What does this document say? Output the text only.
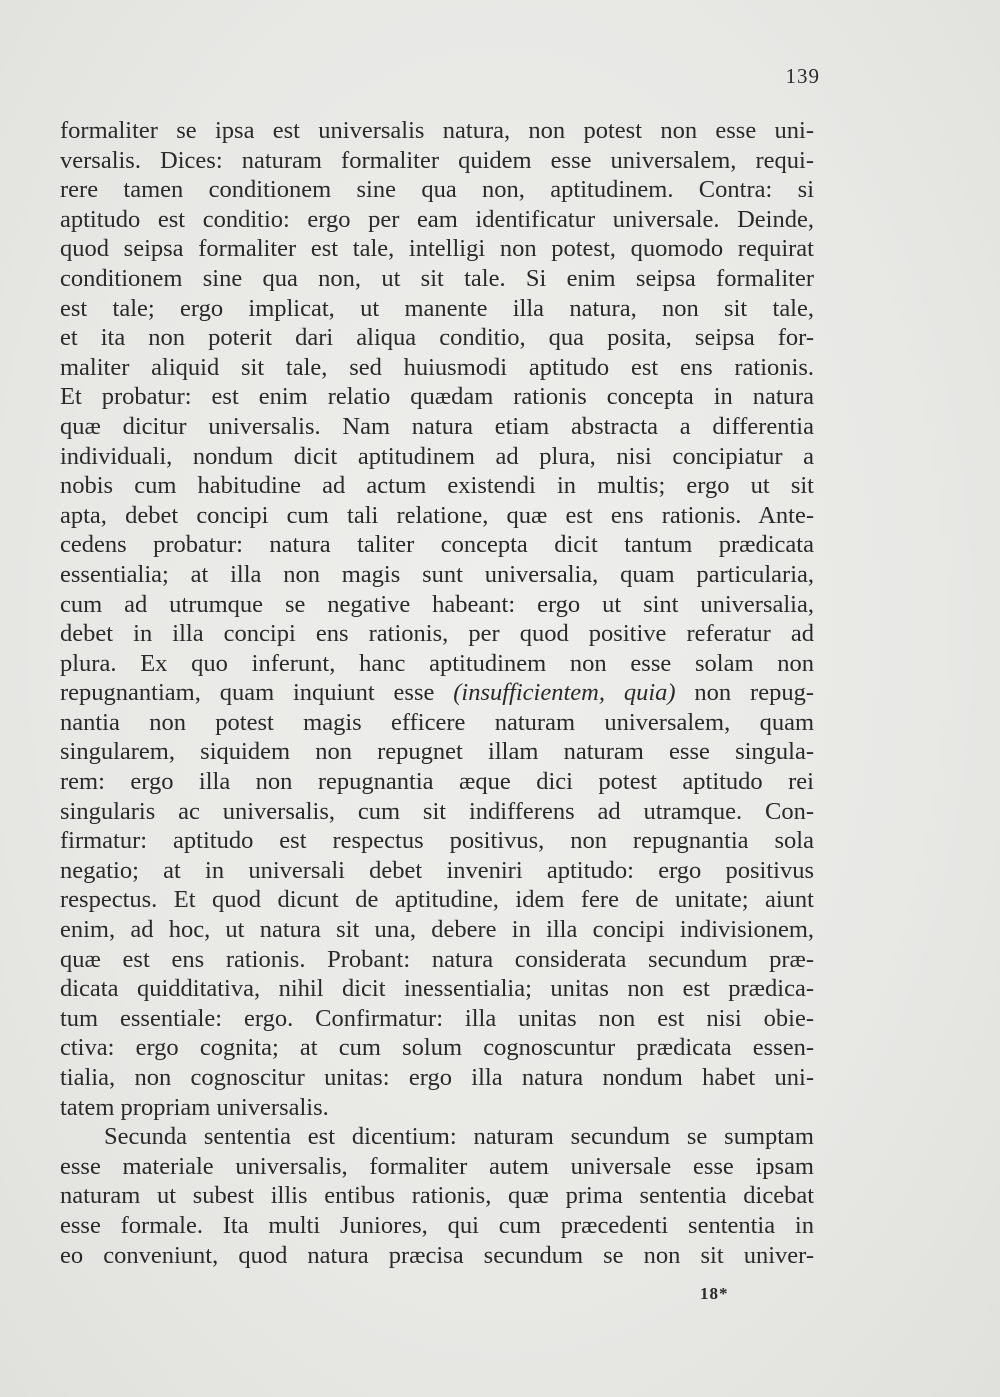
139
formaliter se ipsa est universalis natura, non potest non esse uni-
versalis. Dices: naturam formaliter quidem esse universalem, requi-
rere tamen conditionem sine qua non, aptitudinem. Contra: si
aptitudo est conditio: ergo per eam identificatur universale. Deinde,
quod seipsa formaliter est tale, intelligi non potest, quomodo requirat
conditionem sine qua non, ut sit tale. Si enim seipsa formaliter
est tale; ergo implicat, ut manente illa natura, non sit tale,
et ita non poterit dari aliqua conditio, qua posita, seipsa for-
maliter aliquid sit tale, sed huiusmodi aptitudo est ens rationis.
Et probatur: est enim relatio quædam rationis concepta in natura
quæ dicitur universalis. Nam natura etiam abstracta a differentia
individuali, nondum dicit aptitudinem ad plura, nisi concipiatur a
nobis cum habitudine ad actum existendi in multis; ergo ut sit
apta, debet concipi cum tali relatione, quæ est ens rationis. Ante-
cedens probatur: natura taliter concepta dicit tantum prædicata
essentialia; at illa non magis sunt universalia, quam particularia,
cum ad utrumque se negative habeant: ergo ut sint universalia,
debet in illa concipi ens rationis, per quod positive referatur ad
plura. Ex quo inferunt, hanc aptitudinem non esse solam non
repugnantiam, quam inquiunt esse (insufficientem, quia) non repug-
nantia non potest magis efficere naturam universalem, quam
singularem, siquidem non repugnet illam naturam esse singula-
rem: ergo illa non repugnantia æque dici potest aptitudo rei
singularis ac universalis, cum sit indifferens ad utramque. Con-
firmatur: aptitudo est respectus positivus, non repugnantia sola
negatio; at in universali debet inveniri aptitudo: ergo positivus
respectus. Et quod dicunt de aptitudine, idem fere de unitate; aiunt
enim, ad hoc, ut natura sit una, debere in illa concipi indivisionem,
quæ est ens rationis. Probant: natura considerata secundum præ-
dicata quidditativa, nihil dicit inessentialia; unitas non est prædica-
tum essentiale: ergo. Confirmatur: illa unitas non est nisi obie-
ctiva: ergo cognita; at cum solum cognoscuntur prædicata essen-
tialia, non cognoscitur unitas: ergo illa natura nondum habet uni-
tatem propriam universalis.
Secunda sententia est dicentium: naturam secundum se sumptam
esse materiale universalis, formaliter autem universale esse ipsam
naturam ut subest illis entibus rationis, quæ prima sententia dicebat
esse formale. Ita multi Juniores, qui cum præcedenti sententia in
eo conveniunt, quod natura præcisa secundum se non sit univer-
18*
